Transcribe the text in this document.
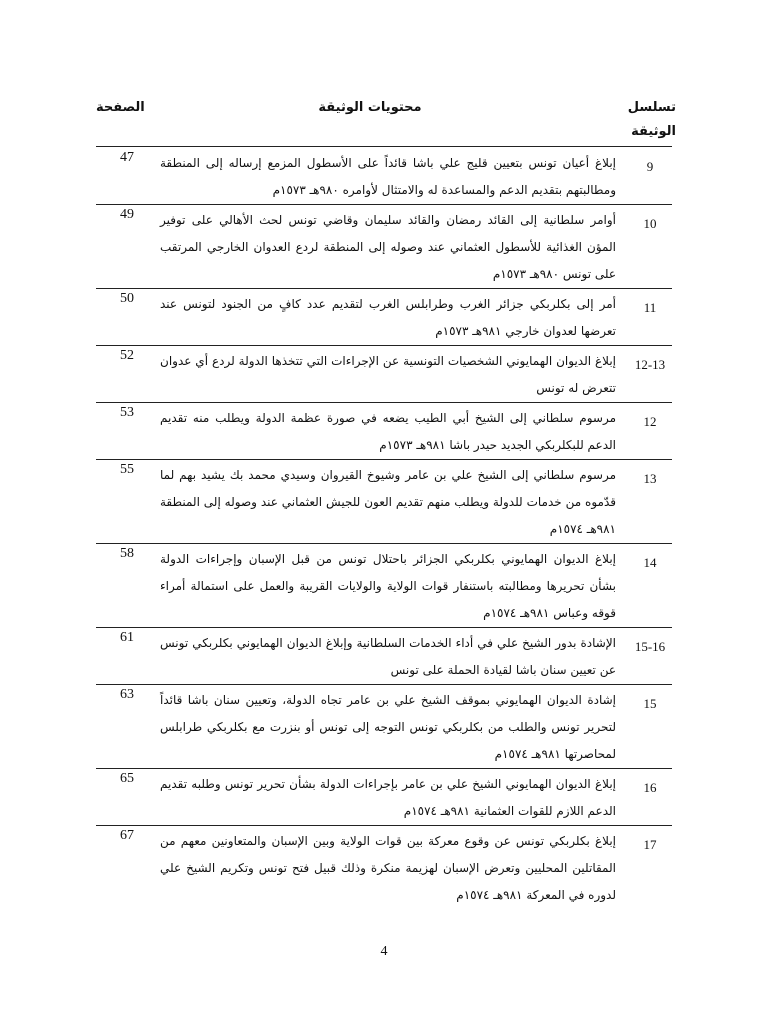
تسلسل الوثيقة
محتويات الوثيقة
الصفحة
9
إبلاغ أعيان تونس بتعيين قليج علي باشا قائداً على الأسطول المزمع إرساله إلى المنطقة ومطالبتهم بتقديم الدعم والمساعدة له والامتثال لأوامره ٩٨٠هـ ١٥٧٣م
47
10
أوامر سلطانية إلى القائد رمضان والقائد سليمان وقاضي تونس لحث الأهالي على توفير المؤن الغذائية للأسطول العثماني عند وصوله إلى المنطقة لردع العدوان الخارجي المرتقب على تونس ٩٨٠هـ ١٥٧٣م
49
11
أمر إلى بكلربكي جزائر الغرب وطرابلس الغرب لتقديم عدد كافٍ من الجنود لتونس عند تعرضها لعدوان خارجي ٩٨١هـ ١٥٧٣م
50
12-13
إبلاغ الديوان الهمايوني الشخصيات التونسية عن الإجراءات التي تتخذها الدولة لردع أي عدوان تتعرض له تونس
52
12
مرسوم سلطاني إلى الشيخ أبي الطيب يضعه في صورة عظمة الدولة ويطلب منه تقديم الدعم للبكلربكي الجديد حيدر باشا ٩٨١هـ ١٥٧٣م
53
13
مرسوم سلطاني إلى الشيخ علي بن عامر وشيوخ القيروان وسيدي محمد بك يشيد بهم لما قدّموه من خدمات للدولة ويطلب منهم تقديم العون للجيش العثماني عند وصوله إلى المنطقة ٩٨١هـ ١٥٧٤م
55
14
إبلاغ الديوان الهمايوني بكلربكي الجزائر باحتلال تونس من قبل الإسبان وإجراءات الدولة بشأن تحريرها ومطالبته باستنفار قوات الولاية والولايات القريبة والعمل على استمالة أمراء قوقه وعباس ٩٨١هـ ١٥٧٤م
58
15-16
الإشادة بدور الشيخ علي في أداء الخدمات السلطانية وإبلاغ الديوان الهمايوني بكلربكي تونس عن تعيين سنان باشا لقيادة الحملة على تونس
61
15
إشادة الديوان الهمايوني بموقف الشيخ علي بن عامر تجاه الدولة، وتعيين سنان باشا قائداً لتحرير تونس والطلب من بكلربكي تونس التوجه إلى تونس أو بنزرت مع بكلربكي طرابلس لمحاصرتها ٩٨١هـ ١٥٧٤م
63
16
إبلاغ الديوان الهمايوني الشيخ علي بن عامر بإجراءات الدولة بشأن تحرير تونس وطلبه تقديم الدعم اللازم للقوات العثمانية ٩٨١هـ ١٥٧٤م
65
17
إبلاغ بكلربكي تونس عن وقوع معركة بين قوات الولاية وبين الإسبان والمتعاونين معهم من المقاتلين المحليين وتعرض الإسبان لهزيمة منكرة وذلك قبيل فتح تونس وتكريم الشيخ علي لدوره في المعركة ٩٨١هـ ١٥٧٤م
67
4
